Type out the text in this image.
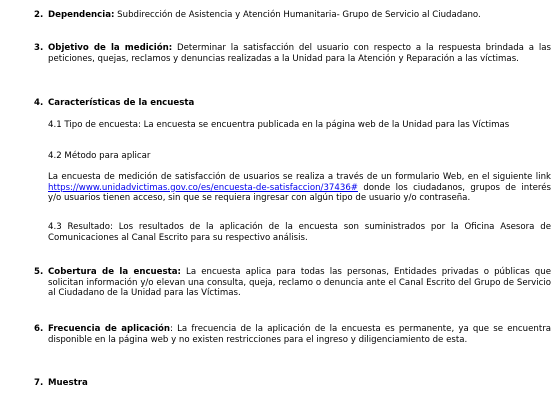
2. Dependencia: Subdirección de Asistencia y Atención Humanitaria- Grupo de Servicio al Ciudadano.
3. Objetivo de la medición: Determinar la satisfacción del usuario con respecto a la respuesta brindada a las peticiones, quejas, reclamos y denuncias realizadas a la Unidad para la Atención y Reparación a las víctimas.
4. Características de la encuesta
4.1 Tipo de encuesta: La encuesta se encuentra publicada en la página web de la Unidad para las Víctimas
4.2 Método para aplicar
La encuesta de medición de satisfacción de usuarios se realiza a través de un formulario Web, en el siguiente link https://www.unidadvictimas.gov.co/es/encuesta-de-satisfaccion/37436# donde los ciudadanos, grupos de interés y/o usuarios tienen acceso, sin que se requiera ingresar con algún tipo de usuario y/o contraseña.
4.3 Resultado: Los resultados de la aplicación de la encuesta son suministrados por la Oficina Asesora de Comunicaciones al Canal Escrito para su respectivo análisis.
5. Cobertura de la encuesta: La encuesta aplica para todas las personas, Entidades privadas o públicas que solicitan información y/o elevan una consulta, queja, reclamo o denuncia ante el Canal Escrito del Grupo de Servicio al Ciudadano de la Unidad para las Víctimas.
6. Frecuencia de aplicación: La frecuencia de la aplicación de la encuesta es permanente, ya que se encuentra disponible en la página web y no existen restricciones para el ingreso y diligenciamiento de esta.
7. Muestra
